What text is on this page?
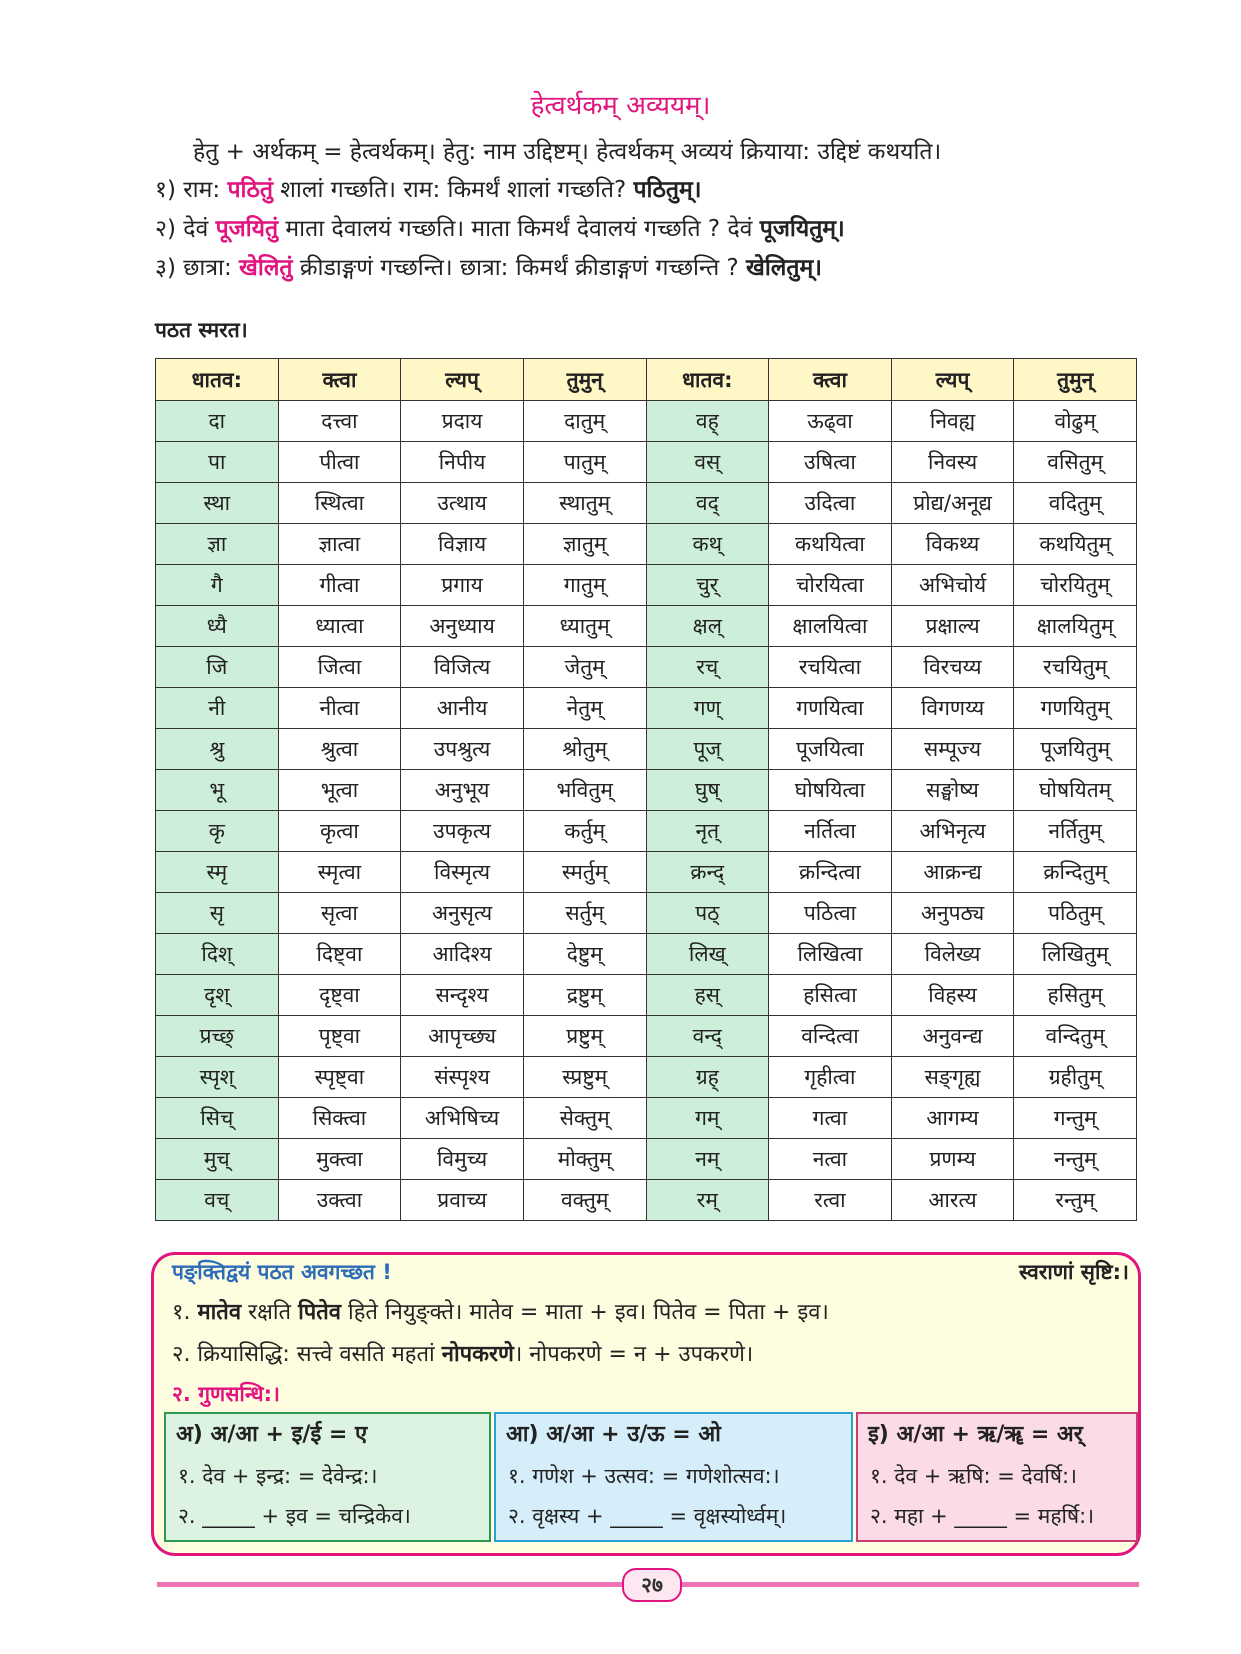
हेत्वर्थकम् अव्ययम्।
हेतु + अर्थकम् = हेत्वर्थकम्। हेतु: नाम उद्दिष्टम्। हेत्वर्थकम् अव्ययं क्रियाया: उद्दिष्टं कथयति।
१) राम: पठितुं शालां गच्छति। राम: किमर्थं शालां गच्छति? पठितुम्।
२) देवं पूजयितुं माता देवालयं गच्छति। माता किमर्थं देवालयं गच्छति ? देवं पूजयितुम्।
३) छात्रा: खेलितुं क्रीडाङ्गणं गच्छन्ति। छात्रा: किमर्थं क्रीडाङ्गणं गच्छन्ति ? खेलितुम्।
पठत स्मरत।
धातव:	क्त्वा	ल्यप्	तुमुन्	धातव:	क्त्वा	ल्यप्	तुमुन्
दा	दत्त्वा	प्रदाय	दातुम्	वह्	ऊढ्वा	निवह्य	वोढुम्
पा	पीत्वा	निपीय	पातुम्	वस्	उषित्वा	निवस्य	वसितुम्
स्था	स्थित्वा	उत्थाय	स्थातुम्	वद्	उदित्वा	प्रोद्य/अनूद्य	वदितुम्
ज्ञा	ज्ञात्वा	विज्ञाय	ज्ञातुम्	कथ्	कथयित्वा	विकथ्य	कथयितुम्
गै	गीत्वा	प्रगाय	गातुम्	चुर्	चोरयित्वा	अभिचोर्य	चोरयितुम्
ध्यै	ध्यात्वा	अनुध्याय	ध्यातुम्	क्षल्	क्षालयित्वा	प्रक्षाल्य	क्षालयितुम्
जि	जित्वा	विजित्य	जेतुम्	रच्	रचयित्वा	विरचय्य	रचयितुम्
नी	नीत्वा	आनीय	नेतुम्	गण्	गणयित्वा	विगणय्य	गणयितुम्
श्रु	श्रुत्वा	उपश्रुत्य	श्रोतुम्	पूज्	पूजयित्वा	सम्पूज्य	पूजयितुम्
भू	भूत्वा	अनुभूय	भवितुम्	घुष्	घोषयित्वा	सङ्घोष्य	घोषयितम्
कृ	कृत्वा	उपकृत्य	कर्तुम्	नृत्	नर्तित्वा	अभिनृत्य	नर्तितुम्
स्मृ	स्मृत्वा	विस्मृत्य	स्मर्तुम्	क्रन्द्	क्रन्दित्वा	आक्रन्द्य	क्रन्दितुम्
सृ	सृत्वा	अनुसृत्य	सर्तुम्	पठ्	पठित्वा	अनुपठ्य	पठितुम्
दिश्	दिष्ट्वा	आदिश्य	देष्टुम्	लिख्	लिखित्वा	विलेख्य	लिखितुम्
दृश्	दृष्ट्वा	सन्दृश्य	द्रष्टुम्	हस्	हसित्वा	विहस्य	हसितुम्
प्रच्छ्	पृष्ट्वा	आपृच्छ्य	प्रष्टुम्	वन्द्	वन्दित्वा	अनुवन्द्य	वन्दितुम्
स्पृश्	स्पृष्ट्वा	संस्पृश्य	स्प्रष्टुम्	ग्रह्	गृहीत्वा	सङ्गृह्य	ग्रहीतुम्
सिच्	सिक्त्वा	अभिषिच्य	सेक्तुम्	गम्	गत्वा	आगम्य	गन्तुम्
मुच्	मुक्त्वा	विमुच्य	मोक्तुम्	नम्	नत्वा	प्रणम्य	नन्तुम्
वच्	उक्त्वा	प्रवाच्य	वक्तुम्	रम्	रत्वा	आरत्य	रन्तुम्
पङ्क्तिद्वयं पठत अवगच्छत !	स्वराणां सृष्टि:।
१. मातेव रक्षति पितेव हिते नियुङ्क्ते। मातेव = माता + इव। पितेव = पिता + इव।
२. क्रियासिद्धि: सत्त्वे वसति महतां नोपकरणे। नोपकरणे = न + उपकरणे।
२. गुणसन्धि:।
अ) अ/आ + इ/ई = ए
१. देव + इन्द्र: = देवेन्द्र:।
२. _____ + इव = चन्द्रिकेव।
आ) अ/आ + उ/ऊ = ओ
१. गणेश + उत्सव: = गणेशोत्सव:।
२. वृक्षस्य + _____ = वृक्षस्योर्ध्वम्।
इ) अ/आ + ऋ/ॠ = अर्
१. देव + ऋषि: = देवर्षि:।
२. महा + _____ = महर्षि:।
२७
